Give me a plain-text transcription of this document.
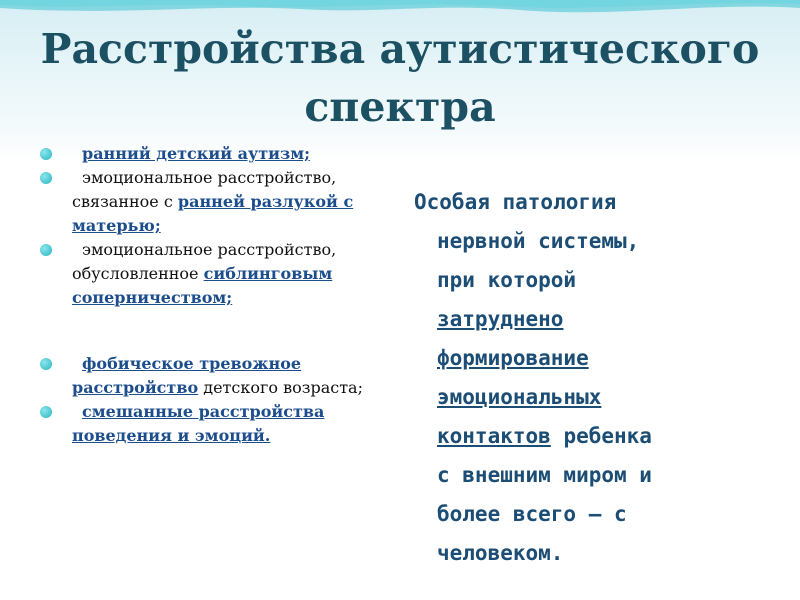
Расстройства аутистического
спектра
ранний детский аутизм;
эмоциональное расстройство, связанное с ранней разлукой с матерью;
эмоциональное расстройство, обусловленное сиблинговым соперничеством;
фобическое тревожное расстройство детского возраста;
смешанные расстройства поведения и эмоций.
Особая патология
нервной системы,
при которой
затруднено
формирование
эмоциональных
контактов ребенка
с внешним миром и
более всего — с
человеком.
